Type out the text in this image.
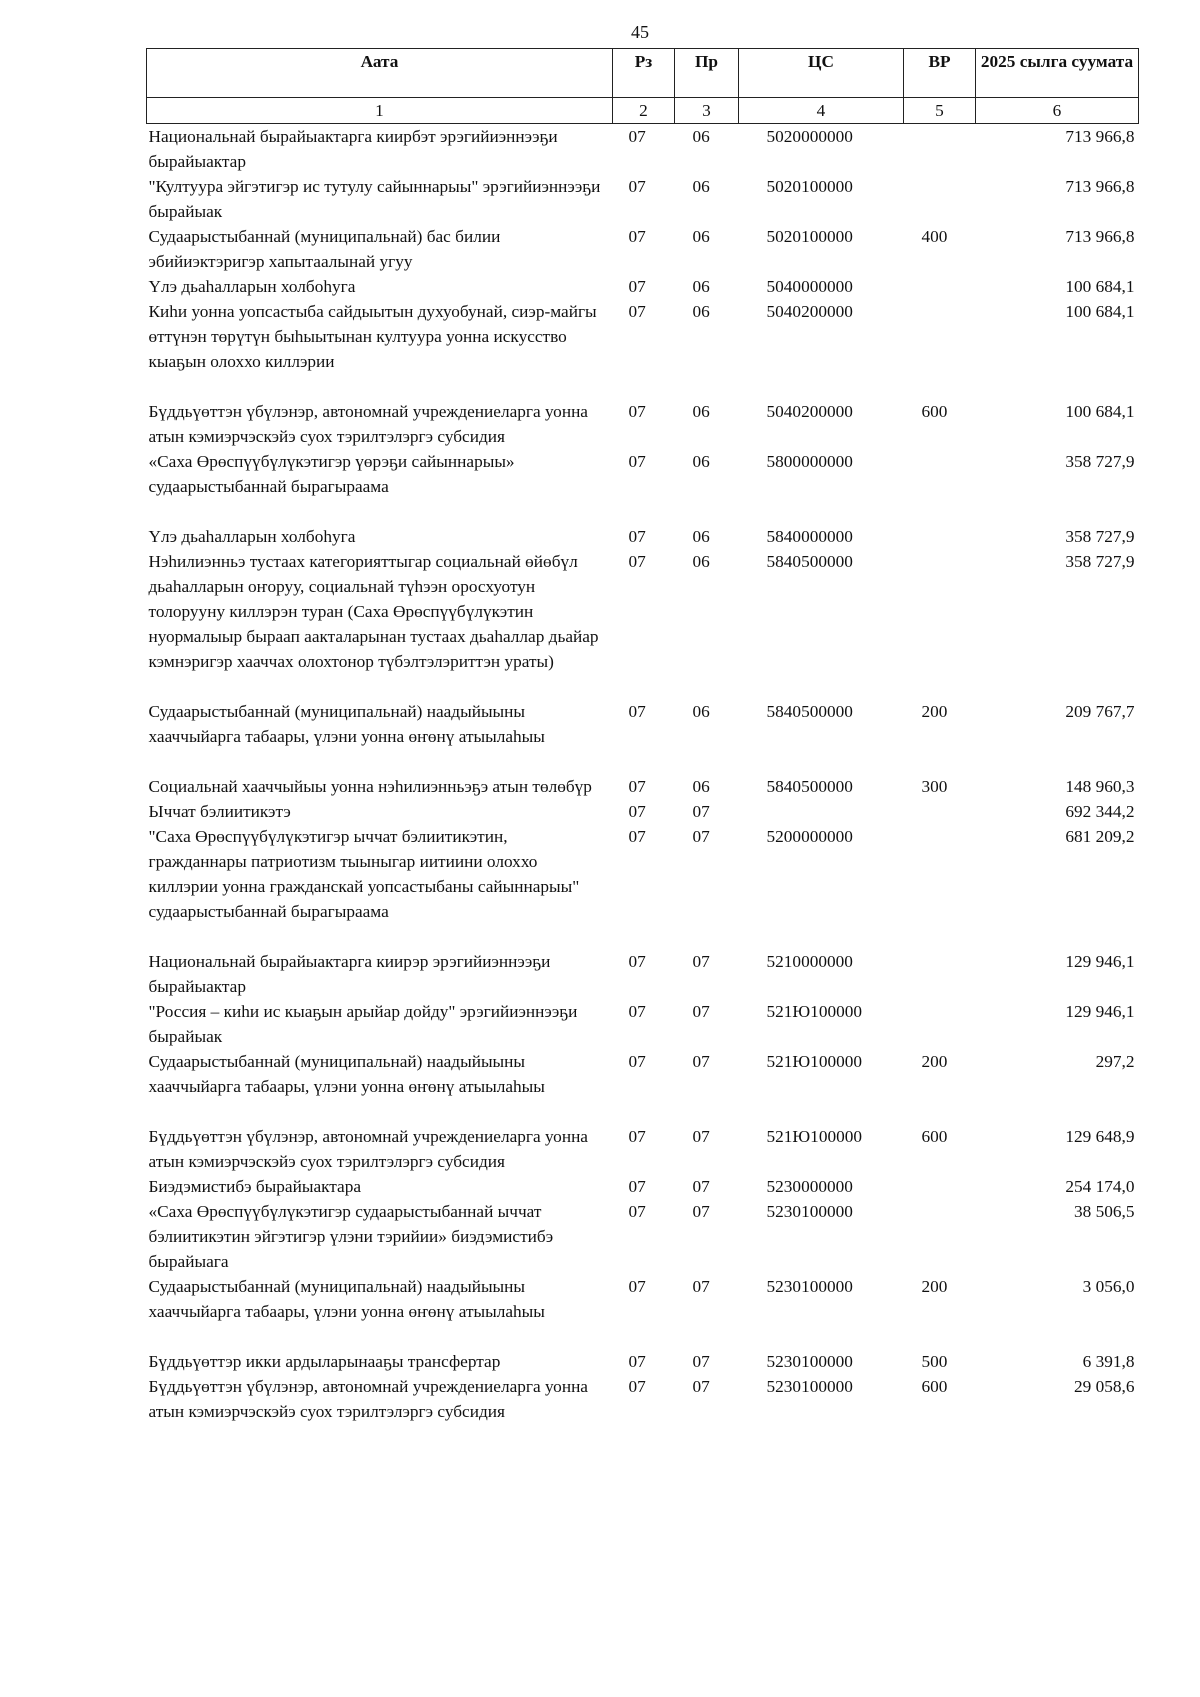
45
Аата	Рз	Пр	ЦС	ВР	2025 сылга суумата
1	2	3	4	5	6
Национальнай бырайыактарга киирбэт эрэгийиэннээҕи бырайыактар	07	06	5020000000		713 966,8
"Култуура эйгэтигэр ис тутулу сайыннарыы" эрэгийиэннээҕи бырайыак	07	06	5020100000		713 966,8
Судаарыстыбаннай (муниципальнай) бас билии эбийиэктэригэр хапытаалынай угуу	07	06	5020100000	400	713 966,8
Үлэ дьаһалларын холбоһуга	07	06	5040000000		100 684,1
Киһи уонна уопсастыба сайдыытын духуобунай, сиэр-майгы өттүнэн төрүтүн быһыытынан култуура уонна искусство кыаҕын олоххо киллэрии	07	06	5040200000		100 684,1
Бүддьүөттэн үбүлэнэр, автономнай учреждениеларга уонна атын кэмиэрчэскэйэ суох тэрилтэлэргэ субсидия	07	06	5040200000	600	100 684,1
«Саха Өрөспүүбүлүкэтигэр үөрэҕи сайыннарыы» судаарыстыбаннай бырагыраама	07	06	5800000000		358 727,9
Үлэ дьаһалларын холбоһуга	07	06	5840000000		358 727,9
Нэһилиэнньэ тустаах категорияттыгар социальнай өйөбүл дьаһалларын оҥоруу, социальнай түһээн оросхуотун толорууну киллэрэн туран (Саха Өрөспүүбүлүкэтин нуормалыыр быраап аакталарынан тустаах дьаһаллар дьайар кэмнэригэр хааччах олохтонор түбэлтэлэриттэн ураты)	07	06	5840500000		358 727,9
Судаарыстыбаннай (муниципальнай) наадыйыыны хааччыйарга табаары, үлэни уонна өҥөнү атыылаһыы	07	06	5840500000	200	209 767,7
Социальнай хааччыйыы уонна нэһилиэнньэҕэ атын төлөбүр	07	06	5840500000	300	148 960,3
Ыччат бэлиитикэтэ	07	07			692 344,2
"Саха Өрөспүүбүлүкэтигэр ыччат бэлиитикэтин, гражданнары патриотизм тыыныгар иитиини олоххо киллэрии уонна гражданскай уопсастыбаны сайыннарыы" судаарыстыбаннай бырагыраама	07	07	5200000000		681 209,2
Национальнай бырайыактарга киирэр эрэгийиэннээҕи бырайыактар	07	07	5210000000		129 946,1
"Россия – киһи ис кыаҕын арыйар дойду" эрэгийиэннээҕи бырайыак	07	07	521Ю100000		129 946,1
Судаарыстыбаннай (муниципальнай) наадыйыыны хааччыйарга табаары, үлэни уонна өҥөнү атыылаһыы	07	07	521Ю100000	200	297,2
Бүддьүөттэн үбүлэнэр, автономнай учреждениеларга уонна атын кэмиэрчэскэйэ суох тэрилтэлэргэ субсидия	07	07	521Ю100000	600	129 648,9
Биэдэмистибэ бырайыактара	07	07	5230000000		254 174,0
«Саха Өрөспүүбүлүкэтигэр судаарыстыбаннай ыччат бэлиитикэтин эйгэтигэр үлэни тэрийии» биэдэмистибэ бырайыага	07	07	5230100000		38 506,5
Судаарыстыбаннай (муниципальнай) наадыйыыны хааччыйарга табаары, үлэни уонна өҥөнү атыылаһыы	07	07	5230100000	200	3 056,0
Бүддьүөттэр икки ардыларынааҕы трансфертар	07	07	5230100000	500	6 391,8
Бүддьүөттэн үбүлэнэр, автономнай учреждениеларга уонна атын кэмиэрчэскэйэ суох тэрилтэлэргэ субсидия	07	07	5230100000	600	29 058,6
